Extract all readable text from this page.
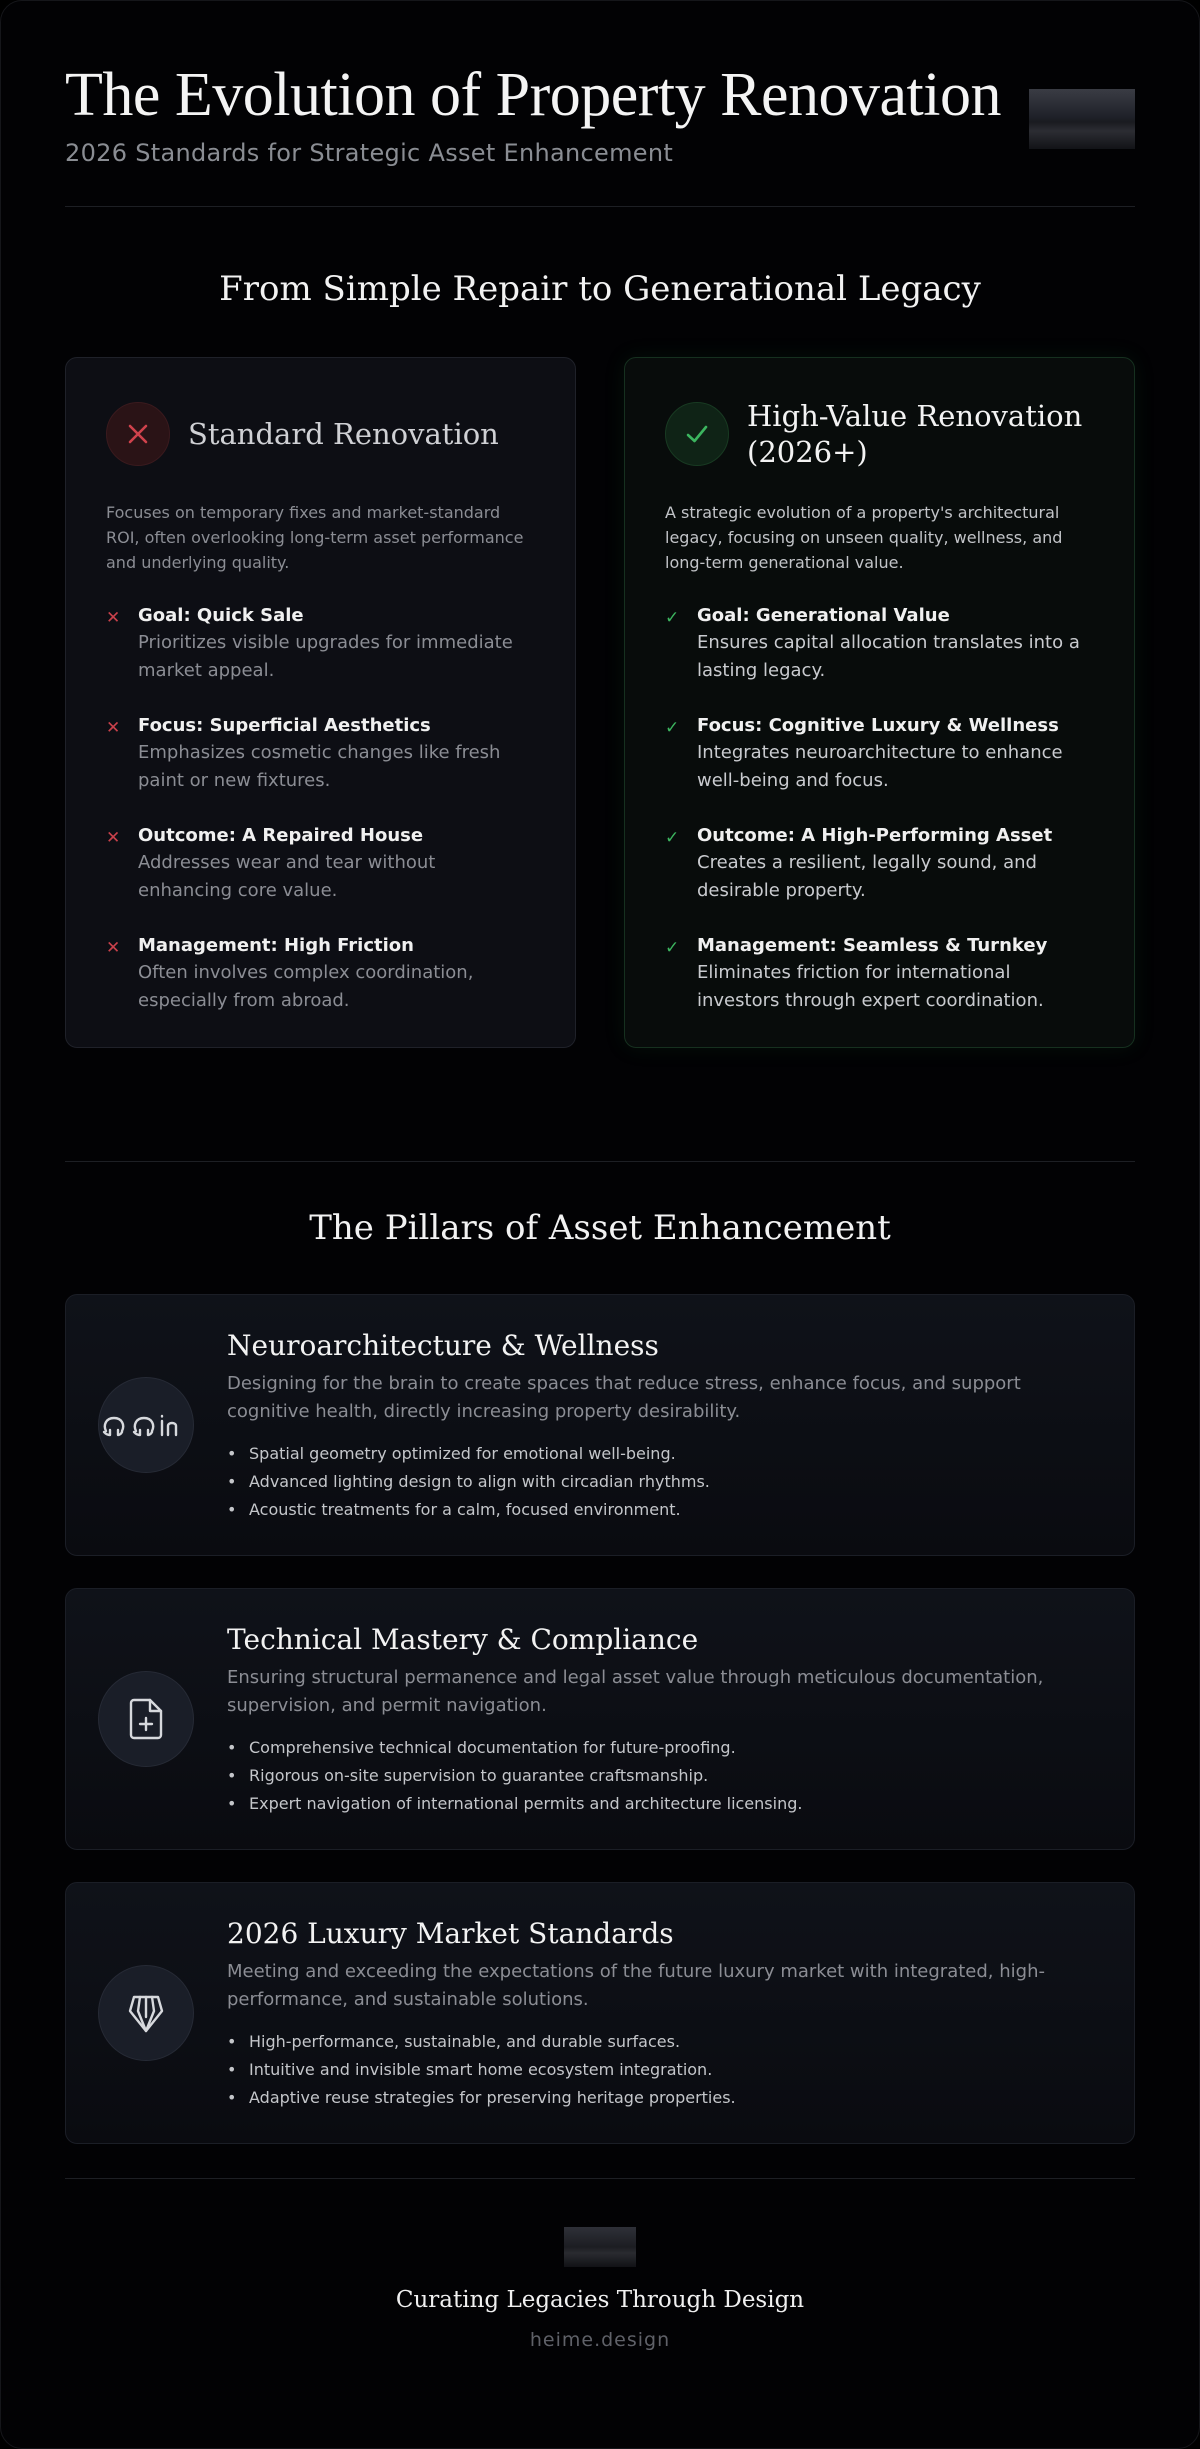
The Evolution of Property Renovation
2026 Standards for Strategic Asset Enhancement
From Simple Repair to Generational Legacy
Standard Renovation

Focuses on temporary fixes and market-standard ROI, often overlooking long-term asset performance and underlying quality.

✕ Goal: Quick Sale
Prioritizes visible upgrades for immediate market appeal.
✕ Focus: Superficial Aesthetics
Emphasizes cosmetic changes like fresh paint or new fixtures.
✕ Outcome: A Repaired House
Addresses wear and tear without enhancing core value.
✕ Management: High Friction
Often involves complex coordination, especially from abroad.
High-Value Renovation (2026+)

A strategic evolution of a property's architectural legacy, focusing on unseen quality, wellness, and long-term generational value.

✓ Goal: Generational Value
Ensures capital allocation translates into a lasting legacy.
✓ Focus: Cognitive Luxury & Wellness
Integrates neuroarchitecture to enhance well-being and focus.
✓ Outcome: A High-Performing Asset
Creates a resilient, legally sound, and desirable property.
✓ Management: Seamless & Turnkey
Eliminates friction for international investors through expert coordination.
The Pillars of Asset Enhancement
Neuroarchitecture & Wellness

Designing for the brain to create spaces that reduce stress, enhance focus, and support cognitive health, directly increasing property desirability.

• Spatial geometry optimized for emotional well-being.
• Advanced lighting design to align with circadian rhythms.
• Acoustic treatments for a calm, focused environment.
Technical Mastery & Compliance

Ensuring structural permanence and legal asset value through meticulous documentation, supervision, and permit navigation.

• Comprehensive technical documentation for future-proofing.
• Rigorous on-site supervision to guarantee craftsmanship.
• Expert navigation of international permits and architecture licensing.
2026 Luxury Market Standards

Meeting and exceeding the expectations of the future luxury market with integrated, high-performance, and sustainable solutions.

• High-performance, sustainable, and durable surfaces.
• Intuitive and invisible smart home ecosystem integration.
• Adaptive reuse strategies for preserving heritage properties.
Curating Legacies Through Design
heime.design
